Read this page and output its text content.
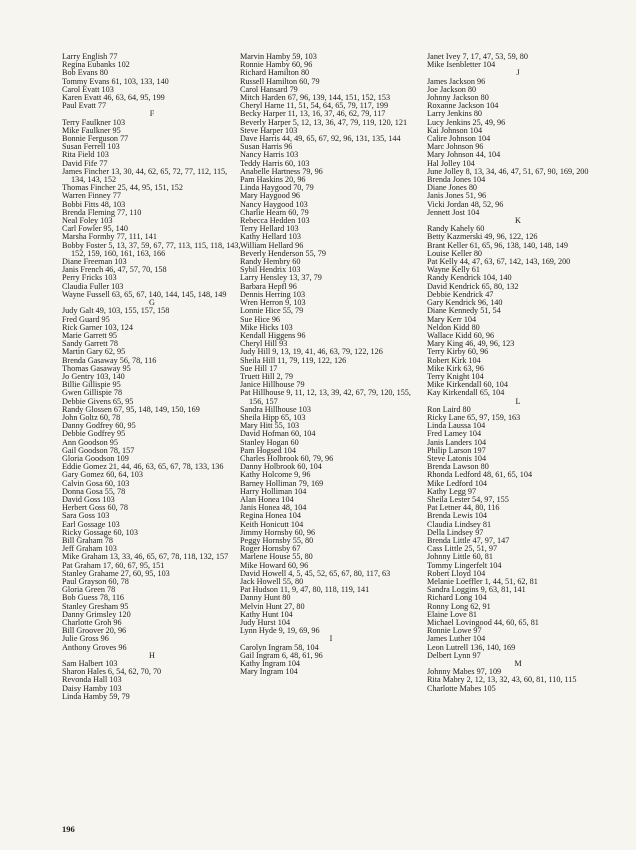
Larry English 77
Regina Eubanks 102
Bob Evans 80
Tommy Evans 61, 103, 133, 140
Carol Evatt 103
Karen Evatt 46, 63, 64, 95, 199
Paul Evatt 77
F
Terry Faulkner 103
Mike Faulkner 95
Bonnie Ferguson 77
Susan Ferrell 103
Rita Field 103
David Fife 77
James Fincher 13, 30, 44, 62, 65, 72, 77, 112, 115, 134, 143, 152
Thomas Fincher 25, 44, 95, 151, 152
Warren Finney 77
Bobbi Fitts 48, 103
Brenda Fleming 77, 110
Neal Foley 103
Carl Fowler 95, 140
Marsha Formby 77, 111, 141
Bobby Foster 5, 13, 37, 59, 67, 77, 113, 115, 118, 143, 152, 159, 160, 161, 163, 166
Diane Freeman 103
Janis French 46, 47, 57, 70, 158
Perry Fricks 103
Claudia Fuller 103
Wayne Fussell 63, 65, 67, 140, 144, 145, 148, 149
G
Judy Galt 49, 103, 155, 157, 158
Fred Guard 95
Rick Garner 103, 124
Marie Garrett 95
Sandy Garrett 78
Martin Gary 62, 95
Brenda Gasaway 56, 78, 116
Thomas Gasaway 95
Jo Gentry 103, 140
Billie Gillispie 95
Gwen Gillispie 78
Debbie Givens 65, 95
Randy Glossen 67, 95, 148, 149, 150, 169
John Goltz 60, 78
Danny Godfrey 60, 95
Debbie Godfrey 95
Ann Goodson 95
Gail Goodson 78, 157
Gloria Goodson 109
Eddie Gomez 21, 44, 46, 63, 65, 67, 78, 133, 136
Gary Gomez 60, 64, 103
Calvin Gosa 60, 103
Donna Gosa 55, 78
David Goss 103
Herbert Goss 60, 78
Sara Goss 103
Earl Gossage 103
Ricky Gossage 60, 103
Bill Graham 78
Jeff Graham 103
Mike Graham 13, 33, 46, 65, 67, 78, 118, 132, 157
Pat Graham 17, 60, 67, 95, 151
Stanley Grahame 27, 60, 95, 103
Paul Grayson 60, 78
Gloria Green 78
Bob Guess 78, 116
Stanley Gresham 95
Danny Grimsley 120
Charlotte Groh 96
Bill Groover 20, 96
Julie Gross 96
Anthony Groves 96
H
Sam Halbert 103
Sharon Hales 6, 54, 62, 70, 70
Revonda Hall 103
Daisy Hamby 103
Linda Hamby 59, 79
Marvin Hamby 59, 103
Ronnie Hamby 60, 96
Richard Hamilton 80
Russell Hamilton 60, 79
Carol Hansard 79
Mitch Harden 67, 96, 139, 144, 151, 152, 153
Cheryl Harne 11, 51, 54, 64, 65, 79, 117, 199
Becky Harper 11, 13, 16, 37, 46, 62, 79, 117
Beverly Harper 5, 12, 13, 36, 47, 79, 119, 120, 121
Steve Harper 103
Dave Harris 44, 49, 65, 67, 92, 96, 131, 135, 144
Susan Harris 96
Nancy Harris 103
Teddy Harris 60, 103
Anabelle Hartness 79, 96
Pam Haskins 20, 96
Linda Haygood 70, 79
Mary Haygood 96
Nancy Haygood 103
Charlie Hearn 60, 79
Rebecca Hedden 103
Terry Hellard 103
Kathy Hellard 103
William Hellard 96
Beverly Henderson 55, 79
Randy Hembry 60
Sybil Hendrix 103
Larry Hensley 13, 37, 79
Barbara Hepfl 96
Dennis Herring 103
Wren Herron 9, 103
Lonnie Hice 55, 79
Sue Hice 96
Mike Hicks 103
Kendall Higgens 96
Cheryl Hill 93
Judy Hill 9, 13, 19, 41, 46, 63, 79, 122, 126
Sheila Hill 11, 79, 119, 122, 126
Sue Hill 17
Truett Hill 2, 79
Janice Hillhouse 79
Pat Hillhouse 9, 11, 12, 13, 39, 42, 67, 79, 120, 155, 156, 157
Sandra Hillhouse 103
Sheila Hipp 65, 103
Mary Hitt 55, 103
David Hofman 60, 104
Stanley Hogan 60
Pam Hogsed 104
Charles Holbrook 60, 79, 96
Danny Holbrook 60, 104
Kathy Holcome 9, 96
Barney Holliman 79, 169
Harry Holliman 104
Alan Honea 104
Janis Honea 48, 104
Regina Honea 104
Keith Honicutt 104
Jimmy Hornsby 60, 96
Peggy Hornsby 55, 80
Roger Hornsby 67
Marlene House 55, 80
Mike Howard 60, 96
David Howell 4, 5, 45, 52, 65, 67, 80, 117, 63
Jack Howell 55, 80
Pat Hudson 11, 9, 47, 80, 118, 119, 141
Danny Hunt 80
Melvin Hunt 27, 80
Kathy Hunt 104
Judy Hurst 104
Lynn Hyde 9, 19, 69, 96
I
Carolyn Ingram 58, 104
Gail Ingram 6, 48, 61, 96
Kathy Ingram 104
Mary Ingram 104
Janet Ivey 7, 17, 47, 53, 59, 80
Mike Isenbletter 104
J
James Jackson 96
Joe Jackson 80
Johnny Jackson 80
Roxanne Jackson 104
Larry Jenkins 80
Lucy Jenkins 25, 49, 96
Kai Johnson 104
Calire Johnson 104
Marc Johnson 96
Mary Johnson 44, 104
Hal Jolley 104
June Jolley 8, 13, 34, 46, 47, 51, 67, 90, 169, 200
Brenda Jones 104
Diane Jones 80
Janis Jones 51, 96
Vicki Jordan 48, 52, 96
Jennett Jost 104
K
Randy Kahely 60
Betty Kazmerski 49, 96, 122, 126
Brant Keller 61, 65, 96, 138, 140, 148, 149
Louise Keller 80
Pat Kelly 44, 47, 63, 67, 142, 143, 169, 200
Wayne Kelly 61
Randy Kendrick 104, 140
David Kendrick 65, 80, 132
Debbie Kendrick 47
Gary Kendrick 96, 140
Diane Kennedy 51, 54
Mary Kerr 104
Neldon Kidd 80
Wallace Kidd 60, 96
Mary King 46, 49, 96, 123
Terry Kirby 60, 96
Robert Kirk 104
Mike Kirk 63, 96
Terry Knight 104
Mike Kirkendall 60, 104
Kay Kirkendall 65, 104
L
Ron Laird 80
Ricky Lane 65, 97, 159, 163
Linda Laussa 104
Fred Lamey 104
Janis Landers 104
Philip Larson 197
Steve Latonis 104
Brenda Lawson 80
Rhonda Ledford 48, 61, 65, 104
Mike Ledford 104
Kathy Legg 97
Sheila Lester 54, 97, 155
Pat Letner 44, 80, 116
Brenda Lewis 104
Claudia Lindsey 81
Della Lindsey 97
Brenda Little 47, 97, 147
Cass Little 25, 51, 97
Johnny Little 60, 81
Tommy Lingerfelt 104
Robert Lloyd 104
Melanie Loeffler 1, 44, 51, 62, 81
Sandra Loggins 9, 63, 81, 141
Richard Long 104
Ronny Long 62, 91
Elaine Love 81
Michael Lovingood 44, 60, 65, 81
Ronnie Lowe 97
James Luther 104
Leon Lutrell 136, 140, 169
Delbert Lynn 97
M
Johnny Mabes 97, 109
Rita Mabry 2, 12, 13, 32, 43, 60, 81, 110, 115
Charlotte Mabes 105
196
